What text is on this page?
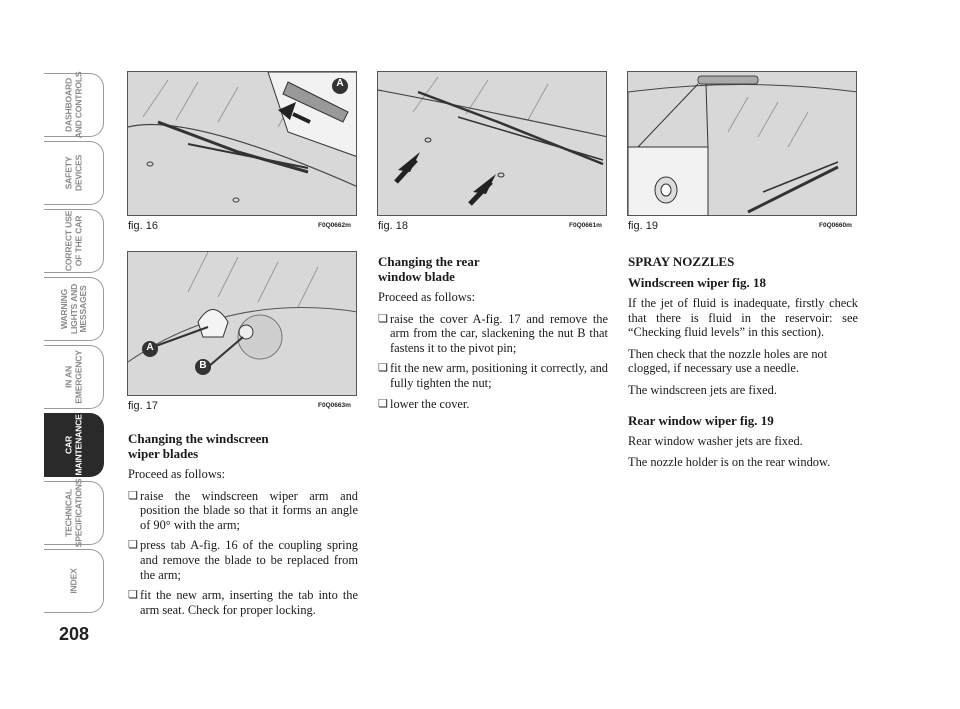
DASHBOARD
AND CONTROLS
SAFETY
DEVICES
CORRECT USE
OF THE CAR
WARNING
LIGHTS AND
MESSAGES
IN AN
EMERGENCY
CAR
MAINTENANCE
TECHNICAL
SPECIFICATIONS
INDEX
208
A
fig. 16	F0Q0662m
A
B
fig. 17	F0Q0663m
fig. 18	F0Q0661m fig. 19	F0Q0660m
Changing the windscreen wiper blades

Proceed as follows:

❏ raise the windscreen wiper arm and position the blade so that it forms an angle of 90° with the arm;
❏ press tab A-fig. 16 of the coupling spring and remove the blade to be replaced from the arm;
❏ fit the new arm, inserting the tab into the arm seat. Check for proper locking.
Changing the rear window blade

Proceed as follows:

❏ raise the cover A-fig. 17 and remove the arm from the car, slackening the nut B that fastens it to the pivot pin;
❏ fit the new arm, positioning it correctly, and fully tighten the nut;
❏ lower the cover.
SPRAY NOZZLES
Windscreen wiper fig. 18

If the jet of fluid is inadequate, firstly check that there is fluid in the reservoir: see “Checking fluid levels” in this section).

Then check that the nozzle holes are not clogged, if necessary use a needle.

The windscreen jets are fixed.

Rear window wiper fig. 19

Rear window washer jets are fixed.

The nozzle holder is on the rear window.
